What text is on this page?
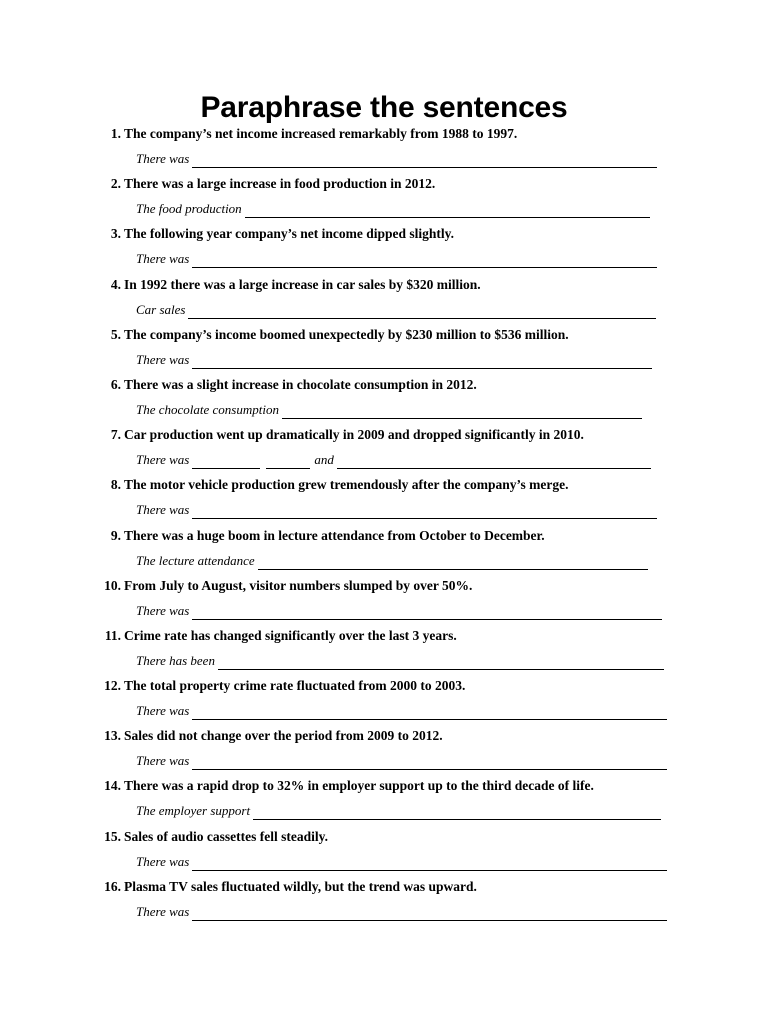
Paraphrase the sentences
1. The company’s net income increased remarkably from 1988 to 1997.
There was
2. There was a large increase in food production in 2012.
The food production
3. The following year company’s net income dipped slightly.
There was
4. In 1992 there was a large increase in car sales by $320 million.
Car sales
5. The company’s income boomed unexpectedly by $230 million to $536 million.
There was
6. There was a slight increase in chocolate consumption in 2012.
The chocolate consumption
7. Car production went up dramatically in 2009 and dropped significantly in 2010.
There was	and
8. The motor vehicle production grew tremendously after the company’s merge.
There was
9. There was a huge boom in lecture attendance from October to December.
The lecture attendance
10. From July to August, visitor numbers slumped by over 50%.
There was
11. Crime rate has changed significantly over the last 3 years.
There has been
12. The total property crime rate fluctuated from 2000 to 2003.
There was
13. Sales did not change over the period from 2009 to 2012.
There was
14. There was a rapid drop to 32% in employer support up to the third decade of life.
The employer support
15. Sales of audio cassettes fell steadily.
There was
16. Plasma TV sales fluctuated wildly, but the trend was upward.
There was
